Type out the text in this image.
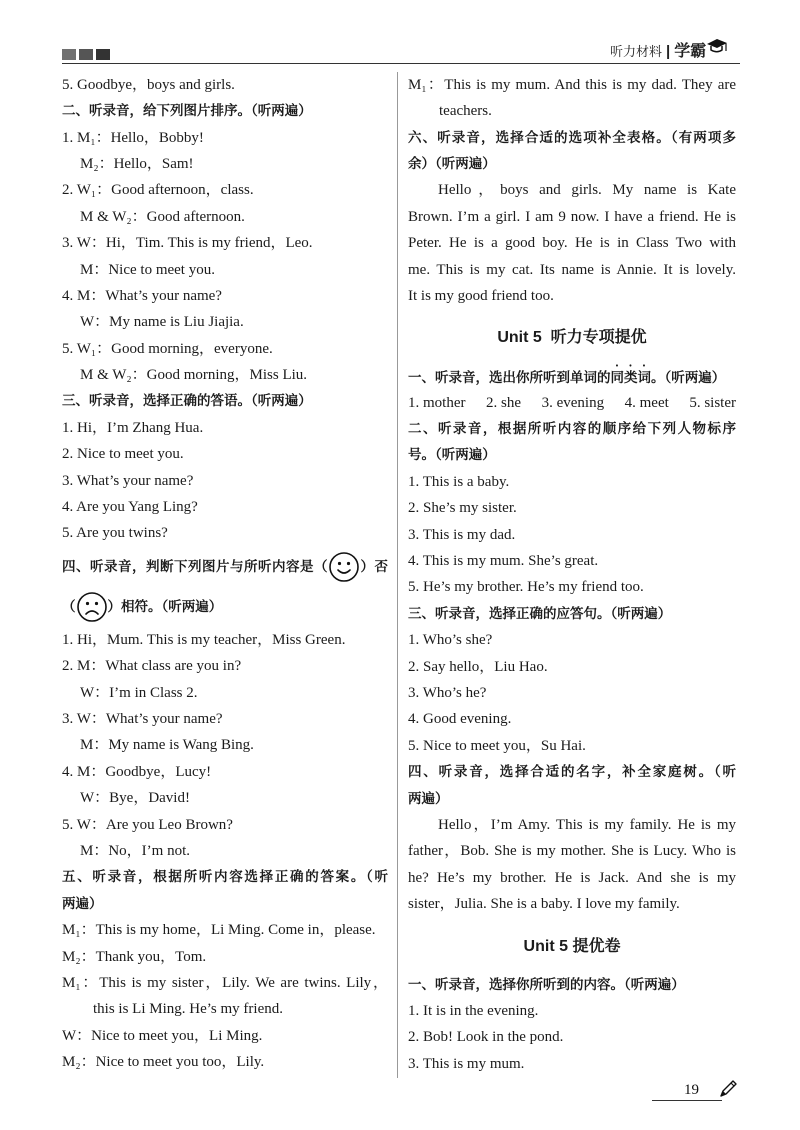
听力材料 | 学霸
5. Goodbye，boys and girls.
二、听录音，给下列图片排序。（听两遍）
1. M₁：Hello，Bobby!
M₂：Hello，Sam!
2. W₁：Good afternoon，class.
M & W₂：Good afternoon.
3. W：Hi，Tim. This is my friend，Leo.
M：Nice to meet you.
4. M：What’s your name?
W：My name is Liu Jiajia.
5. W₁：Good morning，everyone.
M & W₂：Good morning，Miss Liu.
三、听录音，选择正确的答语。（听两遍）
1. Hi，I’m Zhang Hua.
2. Nice to meet you.
3. What’s your name?
4. Are you Yang Ling?
5. Are you twins?
四、听录音，判断下列图片与所听内容是（ ）否
（ ）相符。（听两遍）
1. Hi，Mum. This is my teacher，Miss Green.
2. M：What class are you in?
W：I’m in Class 2.
3. W：What’s your name?
M：My name is Wang Bing.
4. M：Goodbye，Lucy!
W：Bye，David!
5. W：Are you Leo Brown?
M：No，I’m not.
五、听录音，根据所听内容选择正确的答案。（听
两遍）
M₁：This is my home，Li Ming. Come in，please.
M₂：Thank you，Tom.
M₁：This is my sister，Lily. We are twins. Lily，
this is Li Ming. He’s my friend.
W：Nice to meet you，Li Ming.
M₂：Nice to meet you too，Lily.
M₁：This is my mum. And this is my dad. They are
teachers.
六、听录音，选择合适的选项补全表格。（有两项多
余）（听两遍）
Hello，boys and girls. My name is Kate
Brown. I’m a girl. I am 9 now. I have a friend. He is
Peter. He is a good boy. He is in Class Two with
me. This is my cat. Its name is Annie. It is lovely.
It is my good friend too.
Unit 5  听力专项提优
一、听录音，选出你所听到单词的同类词。（听两遍）
1. mother 2. she 3. evening 4. meet 5. sister
二、听录音，根据所听内容的顺序给下列人物标序
号。（听两遍）
1. This is a baby.
2. She’s my sister.
3. This is my dad.
4. This is my mum. She’s great.
5. He’s my brother. He’s my friend too.
三、听录音，选择正确的应答句。（听两遍）
1. Who’s she?
2. Say hello，Liu Hao.
3. Who’s he?
4. Good evening.
5. Nice to meet you，Su Hai.
四、听录音，选择合适的名字，补全家庭树。（听
两遍）
Hello，I’m Amy. This is my family. He is my
father，Bob. She is my mother. She is Lucy. Who is
he? He’s my brother. He is Jack. And she is my
sister，Julia. She is a baby. I love my family.
Unit 5 提优卷
一、听录音，选择你所听到的内容。（听两遍）
1. It is in the evening.
2. Bob! Look in the pond.
3. This is my mum.
19
